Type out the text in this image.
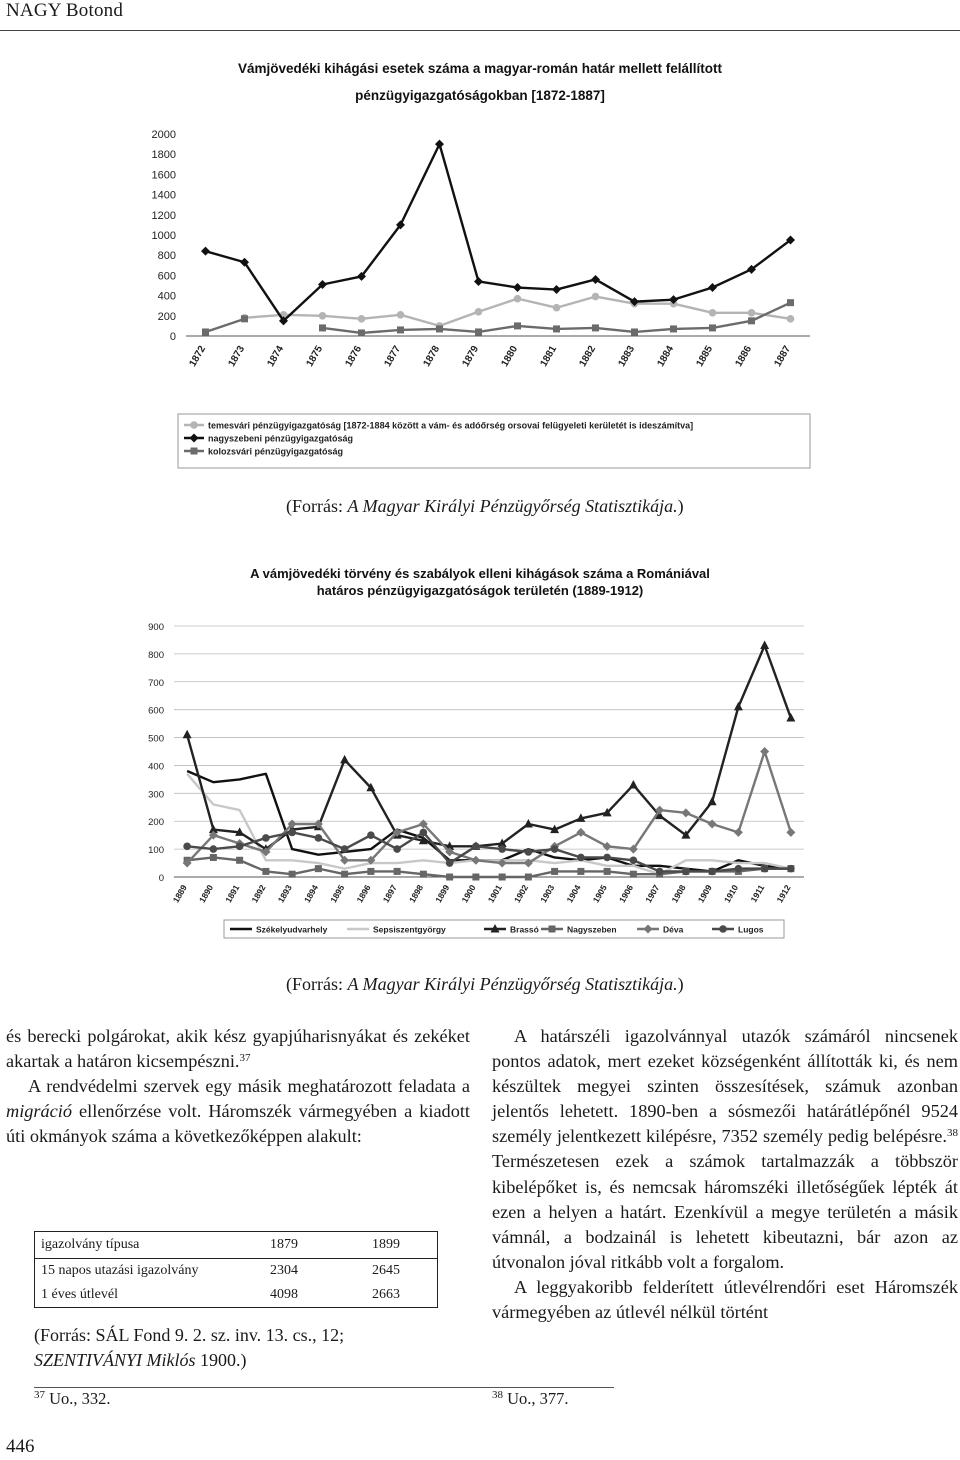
NAGY Botond
Vámjövedéki kihágási esetek száma a magyar-román határ mellett felállított
pénzügyigazgatóságokban [1872-1887]
0
200
400
600
800
1000
1200
1400
1600
1800
2000
1872 1873 1874 1875 1876 1877 1878 1879 1880 1881 1882 1883 1884 1885 1886 1887
temesvári pénzügyigazgatóság [1872-1884 között a vám- és adóőrség orsovai felügyeleti kerületét is ideszámítva]
nagyszebeni pénzügyigazgatóság
kolozsvári pénzügyigazgatóság
(Forrás: A Magyar Királyi Pénzügyőrség Statisztikája.)
A vámjövedéki törvény és szabályok elleni kihágások száma a Romániával
határos pénzügyigazgatóságok területén (1889-1912)
0
100
200
300
400
500
600
700
800
900
1889 1890 1891 1892 1893 1894 1895 1896 1897 1898 1899 1900 1901 1902 1903 1904 1905 1906 1907 1908 1909 1910 1911 1912
Székelyudvarhely	Sepsiszentgyörgy	Brassó	Nagyszeben	Déva	Lugos
(Forrás: A Magyar Királyi Pénzügyőrség Statisztikája.)

és berecki polgárokat, akik kész gyapjúharisnyákat és zekéket akartak a határon kicsempészni.$^{37}$

A rendvédelmi szervek egy másik meghatározott feladata a migráció ellenőrzése volt. Háromszék vármegyében a kiadott úti okmányok száma a következőképpen alakult:

igazolvány típusa	1879	1899
15 napos utazási igazolvány	2304	2645
1 éves útlevél	4098	2663
(Forrás: SÁL Fond 9. 2. sz. inv. 13. cs., 12; SZENTIVÁNYI Miklós 1900.)

A határszéli igazolvánnyal utazók számáról nincsenek pontos adatok, mert ezeket községenként állították ki, és nem készültek megyei szinten összesítések, számuk azonban jelentős lehetett. 1890-ben a sósmezői határátlépőnél 9524 személy jelentkezett kilépésre, 7352 személy pedig belépésre.$^{38}$ Természetesen ezek a számok tartalmazzák a többször kibelépőket is, és nemcsak háromszéki illetőségűek lépték át ezen a helyen a határt. Ezenkívül a megye területén a másik vámnál, a bodzainál is lehetett kibeutazni, bár azon az útvonalon jóval ritkább volt a forgalom.

A leggyakoribb felderített útlevélrendőri eset Háromszék vármegyében az útlevél nélkül történt

$^{37}$ Uo., 332.	$^{38}$ Uo., 377.
446
